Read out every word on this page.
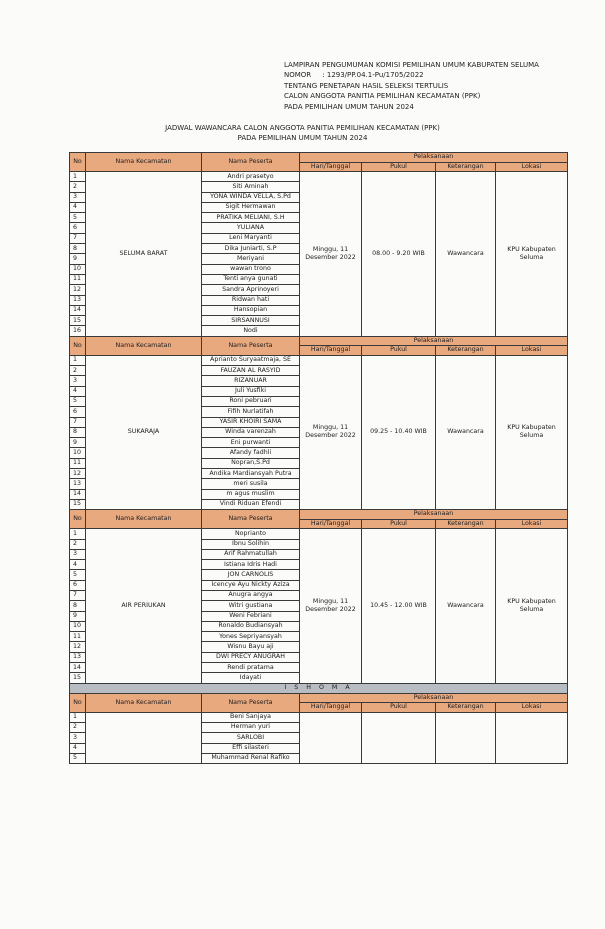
LAMPIRAN PENGUMUMAN KOMISI PEMILIHAN UMUM KABUPATEN SELUMA
NOMOR     : 1293/PP.04.1-Pu/1705/2022
TENTANG PENETAPAN HASIL SELEKSI TERTULIS
CALON ANGGOTA PANITIA PEMILIHAN KECAMATAN (PPK)
PADA PEMILIHAN UMUM TAHUN 2024
JADWAL WAWANCARA CALON ANGGOTA PANITIA PEMILIHAN KECAMATAN (PPK)
PADA PEMILIHAN UMUM TAHUN 2024
No	Nama Kecamatan	Nama Peserta	Pelaksanaan			
			Hari/Tanggal	Pukul	Keterangan	Lokasi
1	SELUMA BARAT	Andri prasetyo	Minggu, 11 Desember 2022	08.00 - 9.20 WIB	Wawancara	KPU Kabupaten Seluma
2		Siti Aminah				
3		YONA WINDA VELLA, S.Pd				
4		Sigit Hermawan				
5		PRATIKA MELIANI, S.H				
6		YULIANA				
7		Leni Maryanti				
8		Dika Juniarti, S.P				
9		Meriyani				
10		wawan trono				
11		Tenti anya gunati				
12		Sandra Aprinoyeri				
13		Ridwan hati				
14		Hansopian				
15		SIRSANNUSI				
16		Nodi				
No	Nama Kecamatan	Nama Peserta	Pelaksanaan			
			Hari/Tanggal	Pukul	Keterangan	Lokasi
1	SUKARAJA	Aprianto Suryaatmaja, SE	Minggu, 11 Desember 2022	09.25 - 10.40 WIB	Wawancara	KPU Kabupaten Seluma
2		FAUZAN AL RASYID				
3		RIZANUAR				
4		Juli Yusfiki				
5		Roni pebruari				
6		Fifih Nurlatifah				
7		YASIR KHOIRI SAMA				
8		Winda varenzah				
9		Eni purwanti				
10		Afandy fadhli				
11		Nopran,S.Pd				
12		Andika Mardiansyah Putra				
13		meri susila				
14		m agus muslim				
15		Vindi Riduan Efendi				
No	Nama Kecamatan	Nama Peserta	Pelaksanaan			
			Hari/Tanggal	Pukul	Keterangan	Lokasi
1	AIR PERIUKAN	Noprianto	Minggu, 11 Desember 2022	10.45 - 12.00 WIB	Wawancara	KPU Kabupaten Seluma
2		Ibnu Solihin				
3		Arif Rahmatullah				
4		Istiana Idris Hadi				
5		JON CARNOLIS				
6		Icencye Ayu Nickty Aziza				
7		Anugra angya				
8		Witri gustiana				
9		Weni Febriani				
10		Ronaldo Budiansyah				
11		Yones Sepriyansyah				
12		Wisnu Bayu aji				
13		DWI PRECY ANUGRAH				
14		Rendi pratama				
15		Idayati				
I S H O M A						
No	Nama Kecamatan	Nama Peserta	Pelaksanaan			
			Hari/Tanggal	Pukul	Keterangan	Lokasi
1		Beni Sanjaya				
2		Herman yuri				
3		SARLOBI				
4		Effi silasteri				
5		Muhammad Renal Rafiko				
